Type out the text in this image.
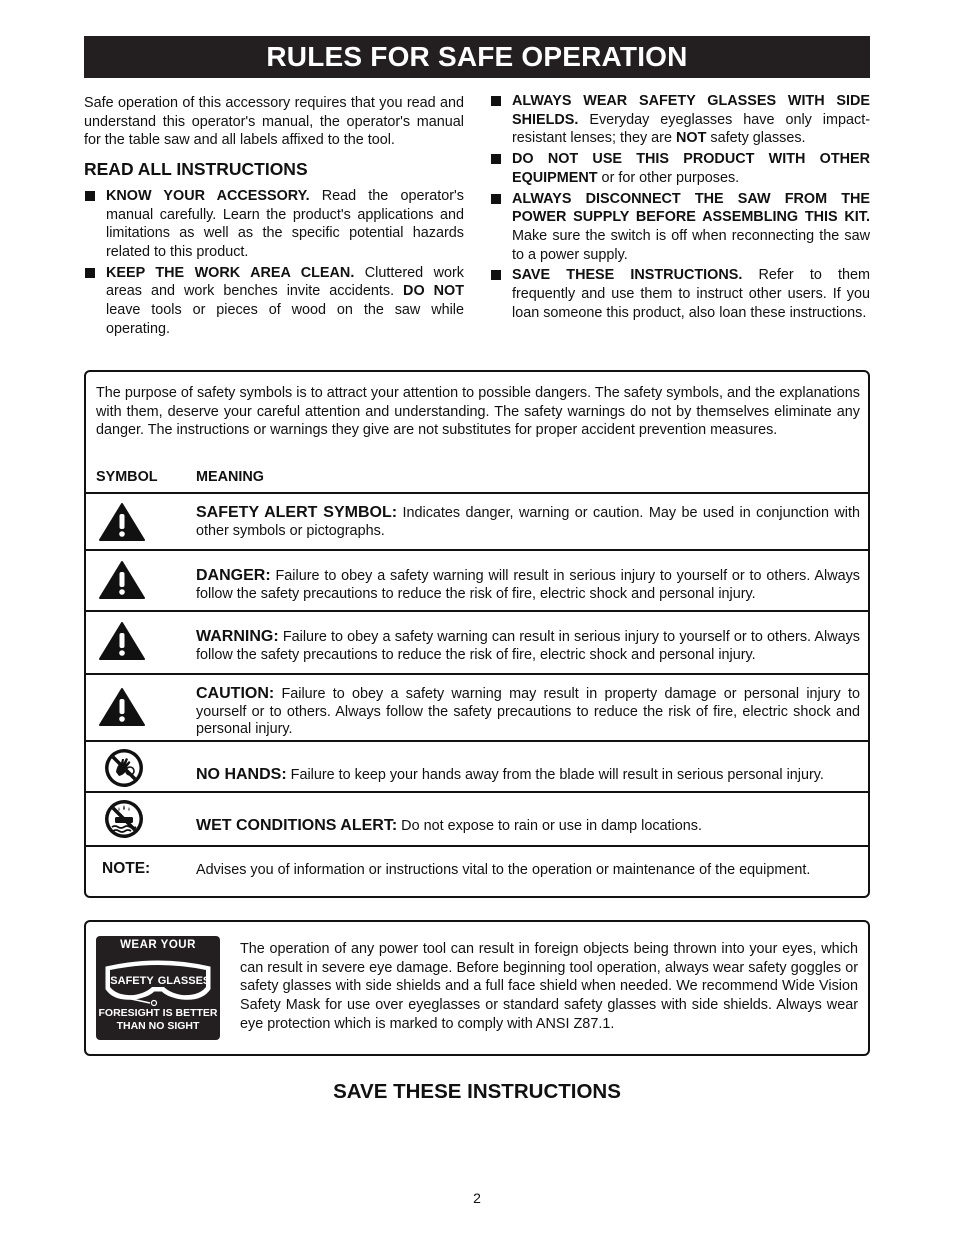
RULES FOR SAFE OPERATION

Safe operation of this accessory requires that you read and understand this operator's manual, the operator's manual for the table saw and all labels affixed to the tool.

READ ALL INSTRUCTIONS

KNOW YOUR ACCESSORY. Read the operator's manual carefully. Learn the product's applications and limitations as well as the specific potential hazards related to this product.
KEEP THE WORK AREA CLEAN. Cluttered work areas and work benches invite accidents. DO NOT leave tools or pieces of wood on the saw while operating.
ALWAYS WEAR SAFETY GLASSES WITH SIDE SHIELDS. Everyday eyeglasses have only impact-resistant lenses; they are NOT safety glasses.
DO NOT USE THIS PRODUCT WITH OTHER EQUIPMENT or for other purposes.
ALWAYS DISCONNECT THE SAW FROM THE POWER SUPPLY BEFORE ASSEMBLING THIS KIT. Make sure the switch is off when reconnecting the saw to a power supply.
SAVE THESE INSTRUCTIONS. Refer to them frequently and use them to instruct other users. If you loan someone this product, also loan these instructions.

The purpose of safety symbols is to attract your attention to possible dangers. The safety symbols, and the explanations with them, deserve your careful attention and understanding. The safety warnings do not by themselves eliminate any danger. The instructions or warnings they give are not substitutes for proper accident prevention measures.

SYMBOL	MEANING
SAFETY ALERT SYMBOL: Indicates danger, warning or caution. May be used in conjunction with other symbols or pictographs.
DANGER: Failure to obey a safety warning will result in serious injury to yourself or to others. Always follow the safety precautions to reduce the risk of fire, electric shock and personal injury.
WARNING: Failure to obey a safety warning can result in serious injury to yourself or to others. Always follow the safety precautions to reduce the risk of fire, electric shock and personal injury.
CAUTION: Failure to obey a safety warning may result in property damage or personal injury to yourself or to others. Always follow the safety precautions to reduce the risk of fire, electric shock and personal injury.
NO HANDS: Failure to keep your hands away from the blade will result in serious personal injury.
WET CONDITIONS ALERT: Do not expose to rain or use in damp locations.
NOTE:	Advises you of information or instructions vital to the operation or maintenance of the equipment.
WEAR YOUR
SAFETY GLASSES
FORESIGHT IS BETTER
THAN NO SIGHT

The operation of any power tool can result in foreign objects being thrown into your eyes, which can result in severe eye damage. Before beginning tool operation, always wear safety goggles or safety glasses with side shields and a full face shield when needed. We recommend Wide Vision Safety Mask for use over eyeglasses or standard safety glasses with side shields. Always wear eye protection which is marked to comply with ANSI Z87.1.

SAVE THESE INSTRUCTIONS
2
